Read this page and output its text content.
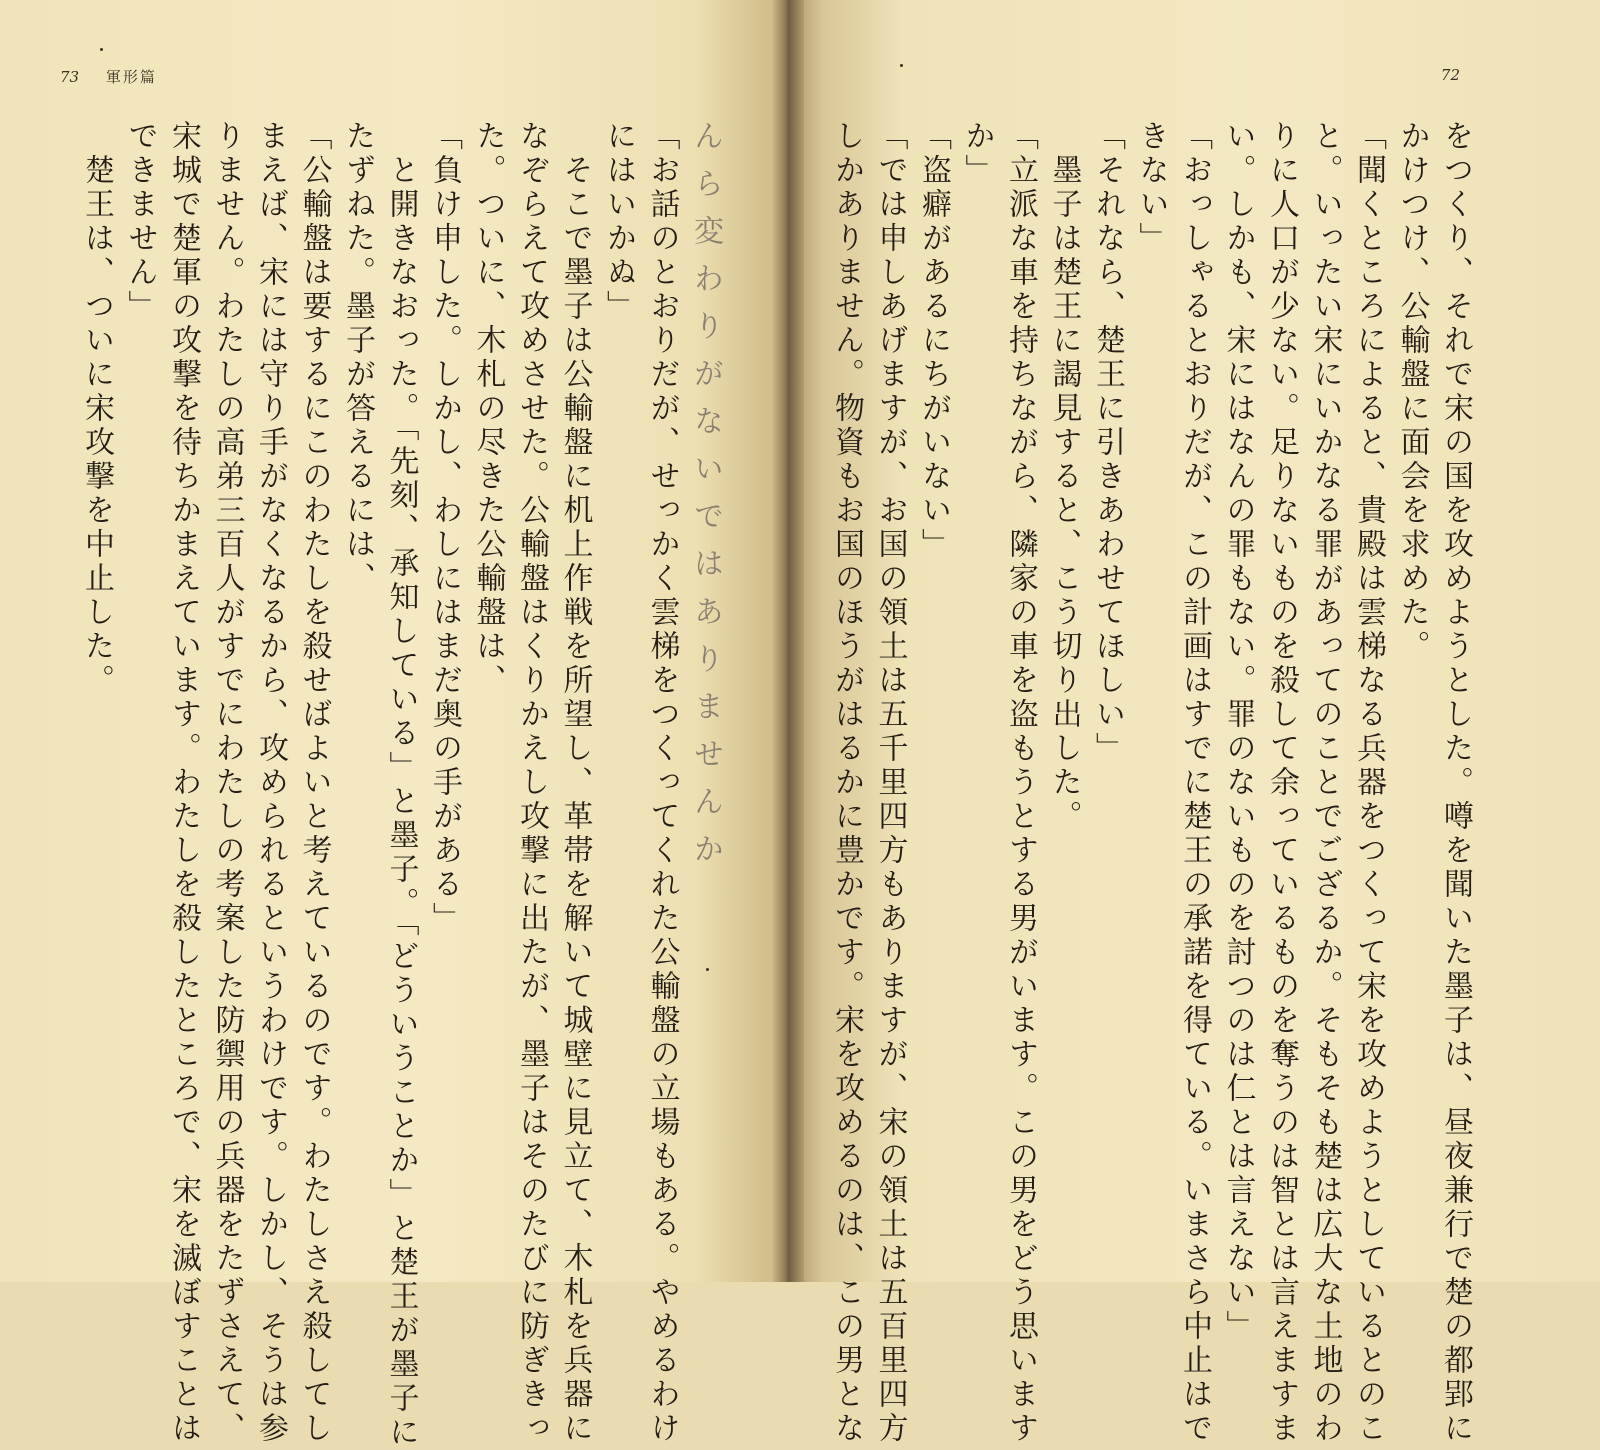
73 軍形篇
ん ら 変 わ り が な い で は あ り ま せ ん か
「お話のとおりだが、せっかく雲梯をつくってくれた公輸盤の立場もある。やめるわけ
にはいかぬ」
　そこで墨子は公輸盤に机上作戦を所望し、革帯を解いて城壁に見立て、木札を兵器に
なぞらえて攻めさせた。公輸盤はくりかえし攻撃に出たが、墨子はそのたびに防ぎきっ
た。ついに、木札の尽きた公輸盤は、
「負け申した。しかし、わしにはまだ奥の手がある」
　と開きなおった。「先刻、承知している」と墨子。「どういうことか」と楚王が墨子に
たずねた。墨子が答えるには、
「公輸盤は要するにこのわたしを殺せばよいと考えているのです。わたしさえ殺してし
まえば、宋には守り手がなくなるから、攻められるというわけです。しかし、そうは参
りません。わたしの高弟三百人がすでにわたしの考案した防禦用の兵器をたずさえて、
宋城で楚軍の攻撃を待ちかまえています。わたしを殺したところで、宋を滅ぼすことは
できません」
　楚王は、ついに宋攻撃を中止した。
72
をつくり、それで宋の国を攻めようとした。噂を聞いた墨子は、昼夜兼行で楚の都郢に
かけつけ、公輸盤に面会を求めた。
「聞くところによると、貴殿は雲梯なる兵器をつくって宋を攻めようとしているとのこ
と。いったい宋にいかなる罪があってのことでござるか。そもそも楚は広大な土地のわ
りに人口が少ない。足りないものを殺して余っているものを奪うのは智とは言えますま
い。しかも、宋にはなんの罪もない。罪のないものを討つのは仁とは言えない」
「おっしゃるとおりだが、この計画はすでに楚王の承諾を得ている。いまさら中止はで
きない」
「それなら、楚王に引きあわせてほしい」
　墨子は楚王に謁見すると、こう切り出した。
「立派な車を持ちながら、隣家の車を盗もうとする男がいます。この男をどう思います
か」
「盗癖があるにちがいない」
「では申しあげますが、お国の領土は五千里四方もありますが、宋の領土は五百里四方
しかありません。物資もお国のほうがはるかに豊かです。宋を攻めるのは、この男とな
